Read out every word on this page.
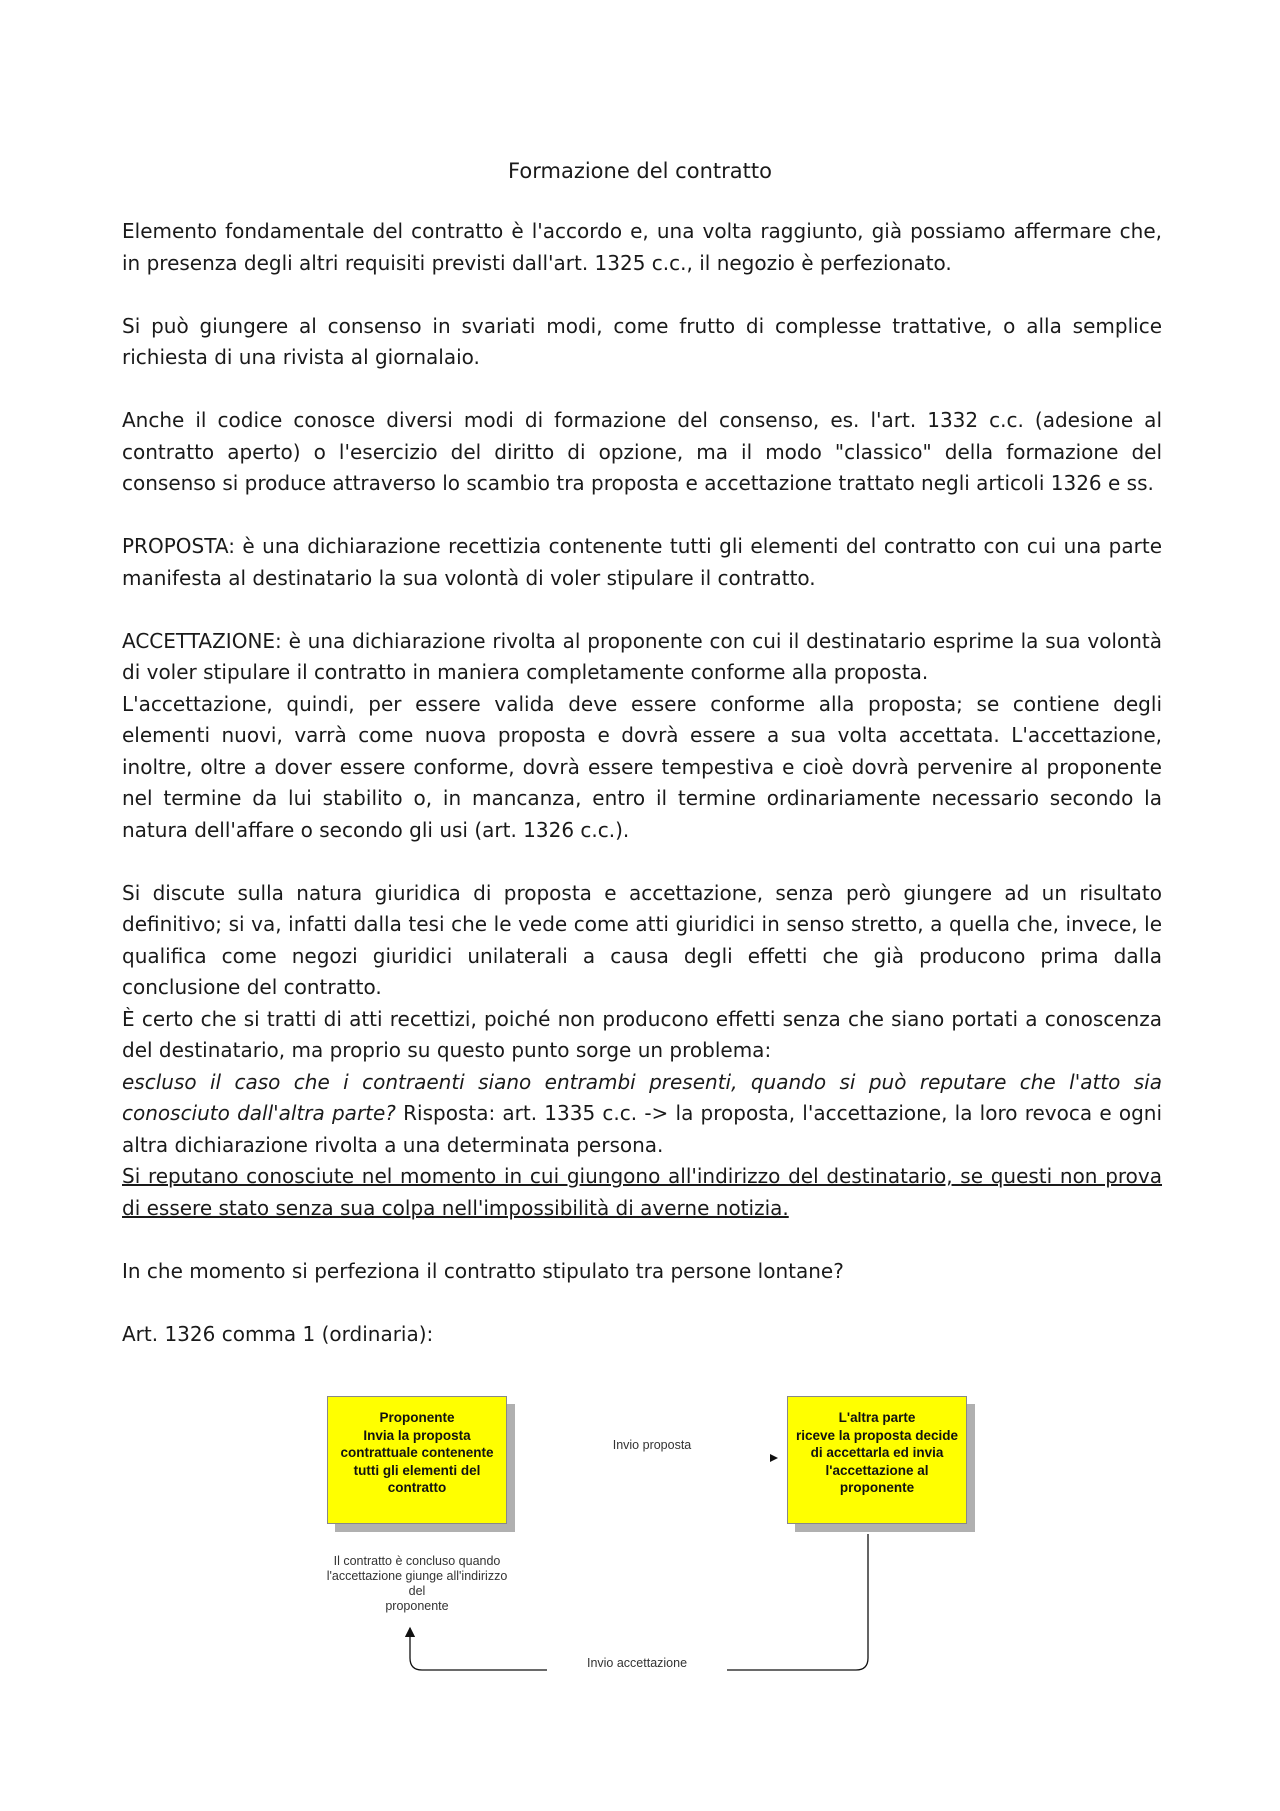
Formazione del contratto

Elemento fondamentale del contratto è l'accordo e, una volta raggiunto, già possiamo affermare che, in presenza degli altri requisiti previsti dall'art. 1325 c.c., il negozio è perfezionato.

Si può giungere al consenso in svariati modi, come frutto di complesse trattative, o alla semplice richiesta di una rivista al giornalaio.

Anche il codice conosce diversi modi di formazione del consenso, es. l'art. 1332 c.c. (adesione al contratto aperto) o l'esercizio del diritto di opzione, ma il modo "classico" della formazione del consenso si produce attraverso lo scambio tra proposta e accettazione trattato negli articoli 1326 e ss.

PROPOSTA: è una dichiarazione recettizia contenente tutti gli elementi del contratto con cui una parte manifesta al destinatario la sua volontà di voler stipulare il contratto.

ACCETTAZIONE: è una dichiarazione rivolta al proponente con cui il destinatario esprime la sua volontà di voler stipulare il contratto in maniera completamente conforme alla proposta.

L'accettazione, quindi, per essere valida deve essere conforme alla proposta; se contiene degli elementi nuovi, varrà come nuova proposta e dovrà essere a sua volta accettata. L'accettazione, inoltre, oltre a dover essere conforme, dovrà essere tempestiva e cioè dovrà pervenire al proponente nel termine da lui stabilito o, in mancanza, entro il termine ordinariamente necessario secondo la natura dell'affare o secondo gli usi (art. 1326 c.c.).

Si discute sulla natura giuridica di proposta e accettazione, senza però giungere ad un risultato definitivo; si va, infatti dalla tesi che le vede come atti giuridici in senso stretto, a quella che, invece, le qualifica come negozi giuridici unilaterali a causa degli effetti che già producono prima dalla conclusione del contratto.

È certo che si tratti di atti recettizi, poiché non producono effetti senza che siano portati a conoscenza del destinatario, ma proprio su questo punto sorge un problema:

escluso il caso che i contraenti siano entrambi presenti, quando si può reputare che l'atto sia conosciuto dall'altra parte? Risposta: art. 1335 c.c. -> la proposta, l'accettazione, la loro revoca e ogni altra dichiarazione rivolta a una determinata persona.

Si reputano conosciute nel momento in cui giungono all'indirizzo del destinatario, se questi non prova di essere stato senza sua colpa nell'impossibilità di averne notizia.

In che momento si perfeziona il contratto stipulato tra persone lontane?

Art. 1326 comma 1 (ordinaria):

Proponente
Invia la proposta
contrattuale contenente
tutti gli elementi del
contratto
L'altra parte
riceve la proposta decide
di accettarla ed invia
l'accettazione al
proponente
Invio proposta
Il contratto è concluso quando
l'accettazione giunge all'indirizzo del
proponente
Invio accettazione
